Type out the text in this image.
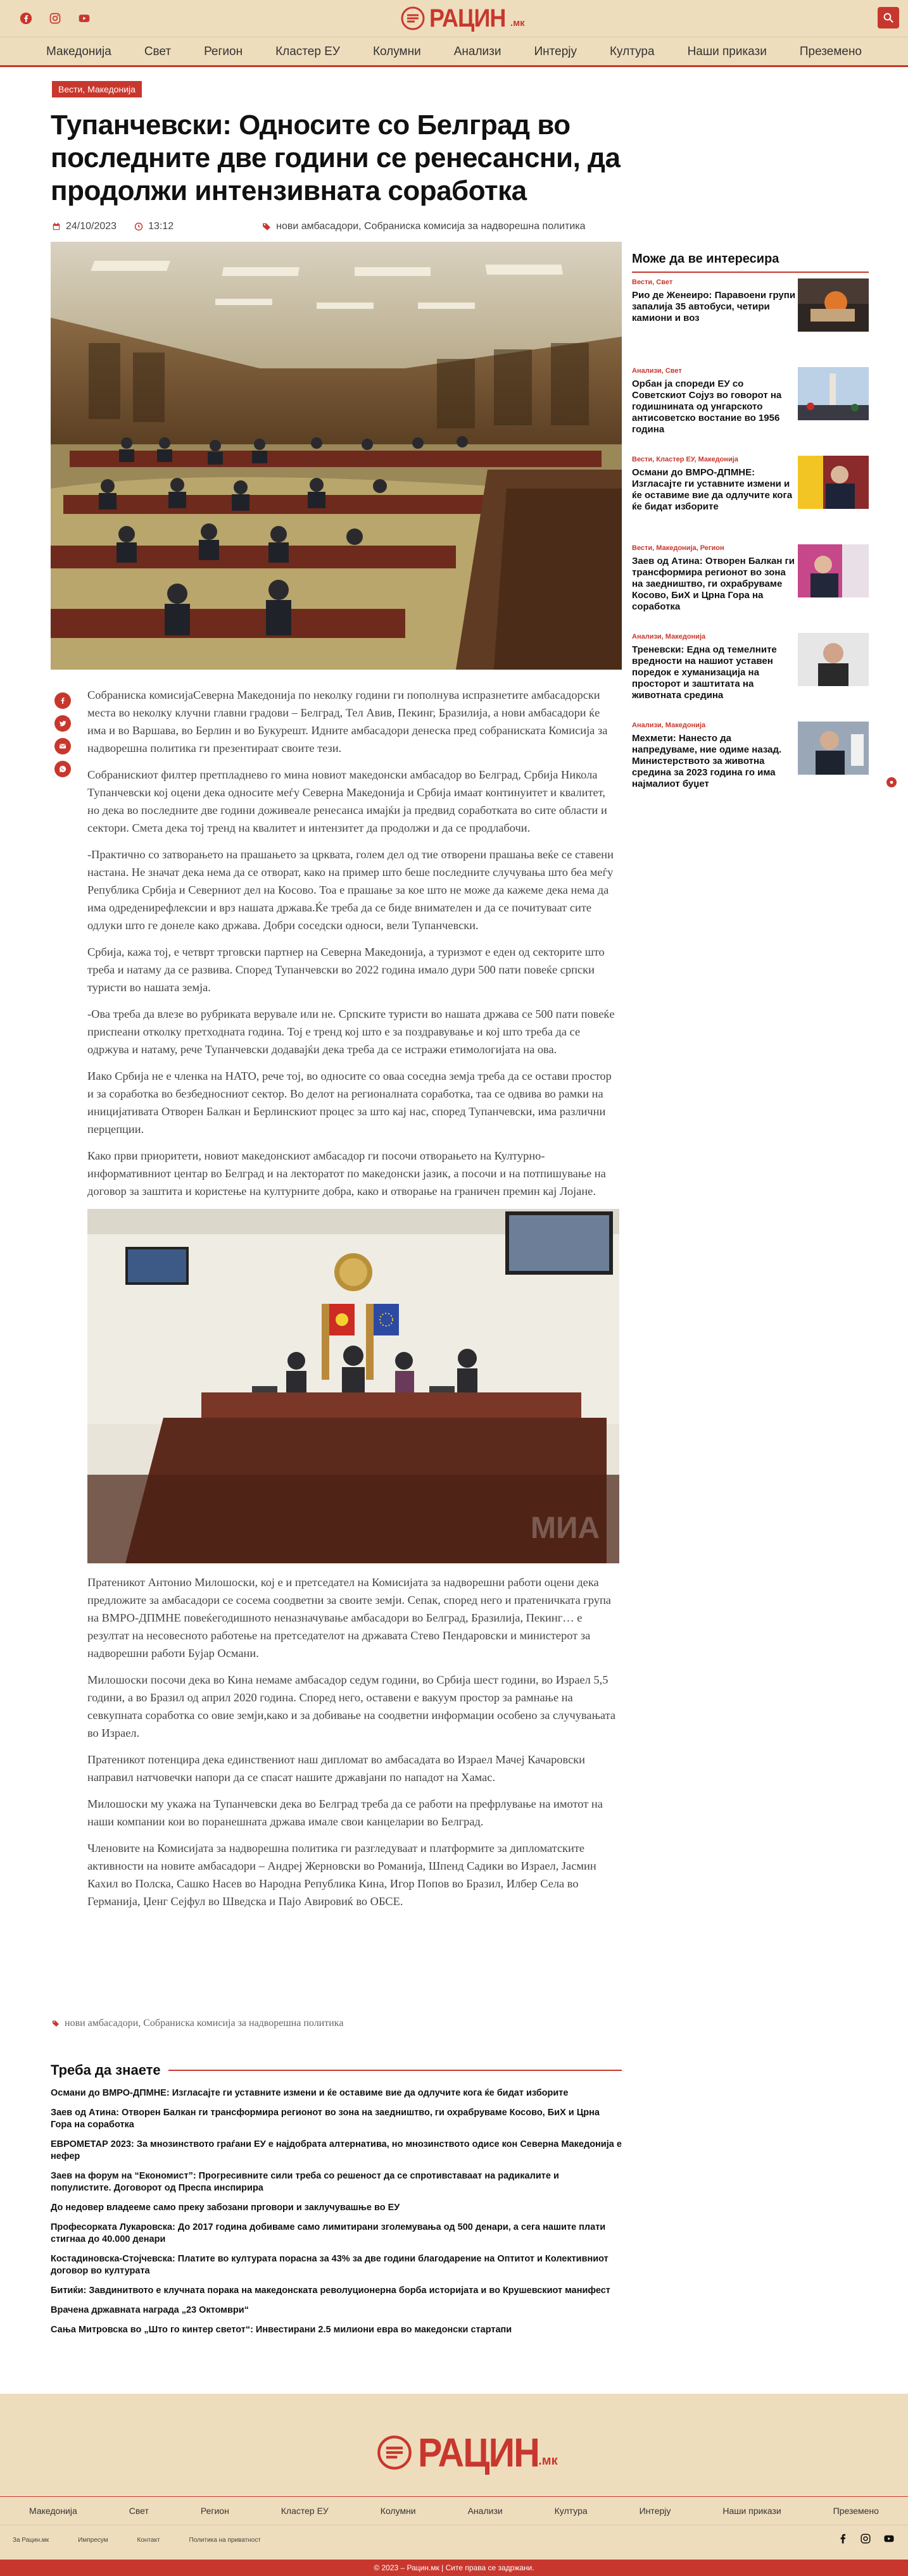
РАЦИН .мк
Македонија	Свет	Регион	Кластер ЕУ	Колумни	Анализи	Интерју	Култура	Наши прикази	Преземено
Вести, Македонија
Тупанчевски: Односите со Белград во последните две години се ренесансни, да продолжи интензивната соработка
24/10/2023	13:12	нови амбасадори, Собраниска комисија за надворешна политика

Собраниска комисијаСеверна Македонија по неколку години ги пополнува испразнетите амбасадорски места во неколку клучни главни градови – Белград, Тел Авив, Пекинг, Бразилија, а нови амбасадори ќе има и во Варшава, во Берлин и во Букурешт. Идните амбасадори денеска пред собраниската Комисија за надворешна политика ги презентираат своите тези.

Собранискиот филтер претпладнево го мина новиот македонски амбасадор во Белград, Србија Никола Тупанчевски кој оцени дека односите меѓу Северна Македонија и Србија имаат континуитет и квалитет, но дека во последните две години доживеале ренесанса имајќи ја предвид соработката во сите области и сектори. Смета дека тој тренд на квалитет и интензитет да продолжи и да се продлабочи.

-Практично со затворањето на прашањето за црквата, голем дел од тие отворени прашања веќе се ставени настана. Не значат дека нема да се отворат, како на пример што беше последните случувања што беа меѓу Република Србија и Северниот дел на Косово. Тоа е прашање за кое што не може да кажеме дека нема да има одреденирефлексии и врз нашата држава.Ќе треба да се биде внимателен и да се почитуваат сите одлуки што ге донеле како држава. Добри соседски односи, вели Тупанчевски.

Србија, кажа тој, е четврт трговски партнер на Северна Македонија, а туризмот е еден од секторите што треба и натаму да се развива. Според Тупанчевски во 2022 година имало дури 500 пати повеќе српски туристи во нашата земја.

-Ова треба да влезе во рубриката верувале или не. Српските туристи во нашата држава се 500 пати повеќе приспеани отколку претходната година. Тој е тренд кој што е за поздравување и кој што треба да се одржува и натаму, рече Тупанчевски додавајќи дека треба да се истражи етимологијата на ова.

Иако Србија не е членка на НАТО, рече тој, во односите со оваа соседна земја треба да се остави простор и за соработка во безбедносниот сектор. Во делот на регионалната соработка, таа се одвива во рамки на иницијативата Отворен Балкан и Берлинскиот процес за што кај нас, според Тупанчевски, има различни перцепции.

Како први приоритети, новиот македонскиот амбасадор ги посочи отворањето на Културно-информативниот центар во Белград и на лекторатот по македонски јазик, а посочи и на потпишување на договор за заштита и користење на културните добра, како и отворање на граничен премин кај Лојане.

МИА

Пратеникот Антонио Милошоски, кој е и претседател на Комисијата за надворешни работи оцени дека предложите за амбасадори се сосема соодветни за своите земји. Сепак, според него и пратеничката група на ВМРО-ДПМНЕ повеќегодишното неназначување амбасадори во Белград, Бразилија, Пекинг… е резултат на несовесното работење на претседателот на државата Стево Пендаровски и министерот за надворешни работи Бујар Османи.

Милошоски посочи дека во Кина немаме амбасадор седум години, во Србија шест години, во Израел 5,5 години, а во Бразил од април 2020 година. Според него, оставени е вакуум простор за рамнање на севкупната соработка со овие земји,како и за добивање на соодветни информации особено за случувањата во Израел.

Пратеникот потенцира дека единствениот наш дипломат во амбасадата во Израел Мачеј Качаровски направил натчовечки напори да се спасат нашите државјани по нападот на Хамас.

Милошоски му укажа на Тупанчевски дека во Белград треба да се работи на префрлување на имотот на наши компании кои во поранешната држава имале свои канцеларии во Белград.

Членовите на Комисијата за надворешна политика ги разгледуваат и платформите за дипломатските активности на новите амбасадори – Андреј Жерновски во Романија, Шпенд Садики во Израел, Јасмин Кахил во Полска, Сашко Насев во Народна Република Кина, Игор Попов во Бразил, Илбер Села во Германија, Џенг Сејфул во Шведска и Пајо Авировиќ во ОБСЕ.

нови амбасадори, Собраниска комисија за надворешна политика
Може да ве интересира
Вести, Свет
Рио де Женеиро: Паравоени групи запалија 35 автобуси, четири камиони и воз
Анализи, Свет
Орбан ја спореди ЕУ со Советскиот Сојуз во говорот на годишнината од унгарското антисоветско востание во 1956 година
Вести, Кластер ЕУ, Македонија
Османи до ВМРО-ДПМНЕ: Изгласајте ги уставните измени и ќе оставиме вие да одлучите кога ќе бидат изборите
Вести, Македонија, Регион
Заев од Атина: Отворен Балкан ги трансформира регионот во зона на заедништво, ги охрабруваме Косово, БиХ и Црна Гора на соработка
Анализи, Македонија
Треневски: Една од темелните вредности на нашиот уставен поредок е хуманизација на просторот и заштитата на животната средина
Анализи, Македонија
Мехмети: Нанесто да напредуваме, ние одиме назад. Министерството за животна средина за 2023 година го има најмалиот буџет
Треба да знаете
Османи до ВМРО-ДПМНЕ: Изгласајте ги уставните измени и ќе оставиме вие да одлучите кога ќе бидат изборите
Заев од Атина: Отворен Балкан ги трансформира регионот во зона на заедништво, ги охрабруваме Косово, БиХ и Црна Гора на соработка
ЕВРОМЕТАР 2023: За мнозинството граѓани ЕУ е најдобрата алтернатива, но мнозинството одисе кон Северна Македонија е нефер
Заев на форум на “Економист”: Прогресивните сили треба со решеност да се спротивставаат на радикалите и популистите. Договорот од Преспа инспирира
До недовер владееме само преку забозани прговори и заклучувашње во ЕУ
Професорката Лукаровска: До 2017 година добиваме само лимитирани зголемувања од 500 денари, а сега нашите плати стигнаа до 40.000 денари
Костадиновска-Стојчевска: Платите во културата порасна за 43% за две години благодарение на Оптитот и Колективниот договор во културата
Битиќи: Завдинитвото е клучната порака на македонската револуционерна борба историјата и во Крушевскиот манифест
Врачена државната награда „23 Октомври“
Сања Митровска во „Што го кинтер светот“: Инвестирани 2.5 милиони евра во македонски стартапи
РАЦИН .мк
Македонија	Свет	Регион	Кластер ЕУ	Колумни	Анализи	Култура	Интерју	Наши прикази	Преземено
За Рацин.мк	Импресум	Контакт	Политика на приватност
© 2023 – Рацин.мк | Сите права се задржани.
